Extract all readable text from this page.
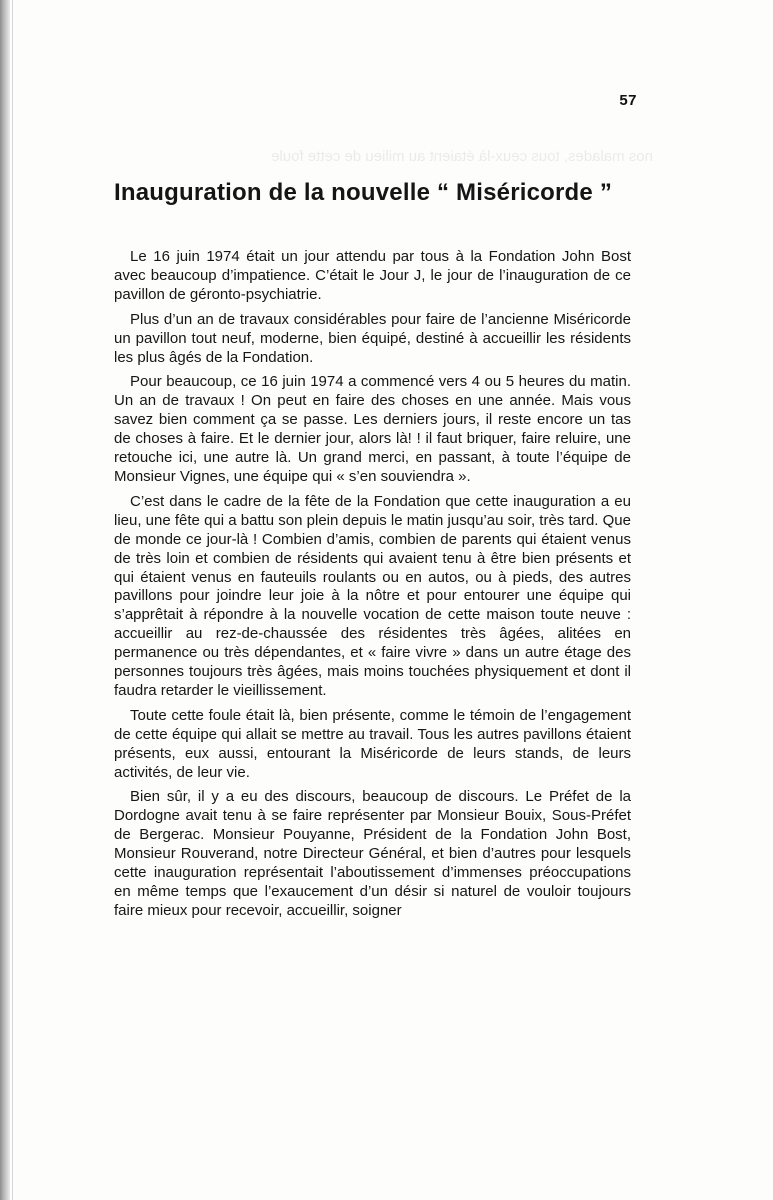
57
nos malades, tous ceux-là étaient au milieu de cette foule
Inauguration de la nouvelle “ Miséricorde ”

Le 16 juin 1974 était un jour attendu par tous à la Fondation John Bost avec beaucoup d’impatience. C’était le Jour J, le jour de l’inauguration de ce pavillon de géronto-psychiatrie.

Plus d’un an de travaux considérables pour faire de l’ancienne Miséricorde un pavillon tout neuf, moderne, bien équipé, destiné à accueillir les résidents les plus âgés de la Fondation.

Pour beaucoup, ce 16 juin 1974 a commencé vers 4 ou 5 heures du matin. Un an de travaux ! On peut en faire des choses en une année. Mais vous savez bien comment ça se passe. Les derniers jours, il reste encore un tas de choses à faire. Et le dernier jour, alors là! ! il faut briquer, faire reluire, une retouche ici, une autre là. Un grand merci, en passant, à toute l’équipe de Monsieur Vignes, une équipe qui « s’en souviendra ».

C’est dans le cadre de la fête de la Fondation que cette inauguration a eu lieu, une fête qui a battu son plein depuis le matin jusqu’au soir, très tard. Que de monde ce jour-là ! Combien d’amis, combien de parents qui étaient venus de très loin et combien de résidents qui avaient tenu à être bien présents et qui étaient venus en fauteuils roulants ou en autos, ou à pieds, des autres pavillons pour joindre leur joie à la nôtre et pour entourer une équipe qui s’apprêtait à répondre à la nouvelle vocation de cette maison toute neuve : accueillir au rez-de-chaussée des résidentes très âgées, alitées en permanence ou très dépendantes, et « faire vivre » dans un autre étage des personnes toujours très âgées, mais moins touchées physiquement et dont il faudra retarder le vieillissement.

Toute cette foule était là, bien présente, comme le témoin de l’engagement de cette équipe qui allait se mettre au travail. Tous les autres pavillons étaient présents, eux aussi, entourant la Miséricorde de leurs stands, de leurs activités, de leur vie.

Bien sûr, il y a eu des discours, beaucoup de discours. Le Préfet de la Dordogne avait tenu à se faire représenter par Monsieur Bouix, Sous-Préfet de Bergerac. Monsieur Pouyanne, Président de la Fondation John Bost, Monsieur Rouverand, notre Directeur Général, et bien d’autres pour lesquels cette inauguration représentait l’aboutissement d’immenses préoccupations en même temps que l’exaucement d’un désir si naturel de vouloir toujours faire mieux pour recevoir, accueillir, soigner
